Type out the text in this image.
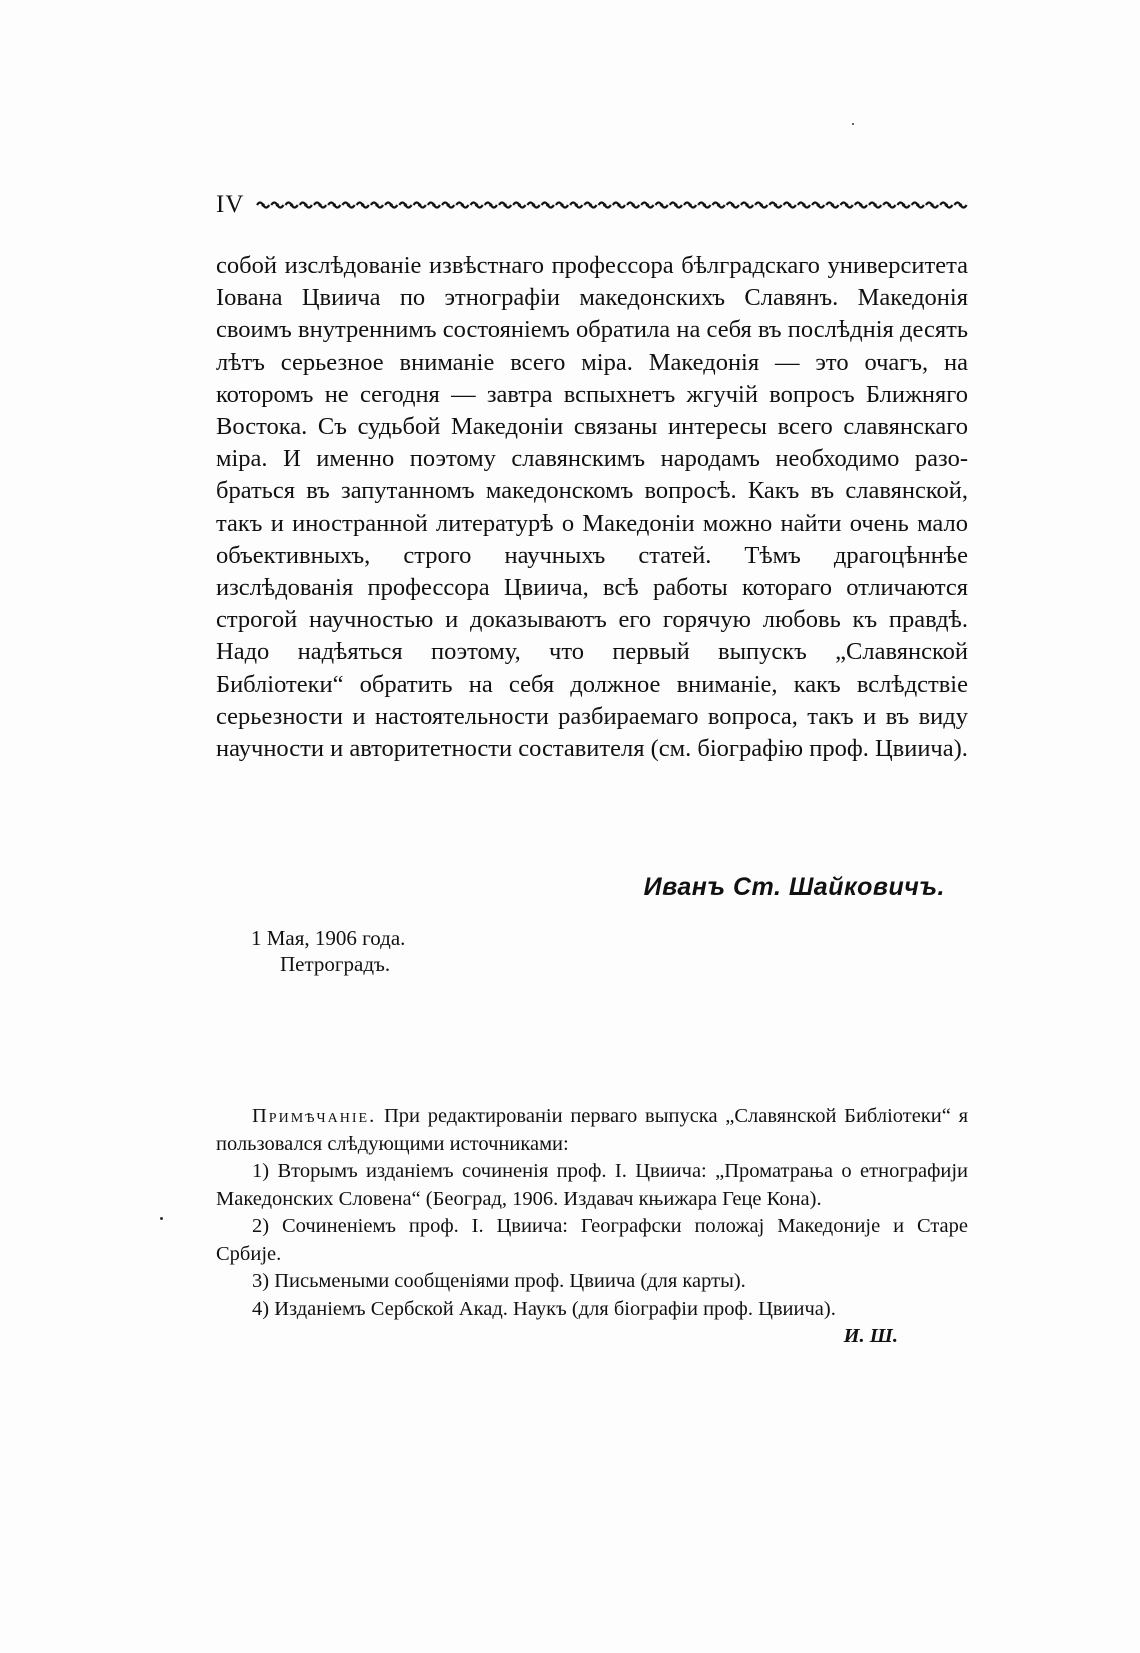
IV

собой изслѣдованіе извѣстнаго профессора бѣлградскаго университета Іована Цвиича по этнографіи македонскихъ Славянъ. Македонія своимъ внутреннимъ состояніемъ обратила на себя въ послѣднія десять лѣтъ серьезное вниманіе всего міра. Македонія — это очагъ, на которомъ не сегодня — завтра вспыхнетъ жгучій вопросъ Ближняго Востока. Съ судьбой Македоніи связаны интересы всего славянскаго міра. И именно поэтому славянскимъ народамъ необходимо разобраться въ запутанномъ македонскомъ вопросѣ. Какъ въ славянской, такъ и иностранной литературѣ о Македоніи можно найти очень мало объективныхъ, строго научныхъ статей. Тѣмъ драгоцѣннѣе изслѣдованія профессора Цвиича, всѣ работы котораго отличаются строгой научностью и доказываютъ его горячую любовь къ правдѣ. Надо надѣяться поэтому, что первый выпускъ „Славянской Библіотеки“ обратить на себя должное вниманіе, какъ вслѣдствіе серьезности и настоятельности разбираемаго вопроса, такъ и въ виду научности и авторитетности составителя (см. біографію проф. Цвиича).

Иванъ Ст. Шайковичъ.
1 Мая, 1906 года.
Петроградъ.

Примѣчаніе. При редактированіи перваго выпуска „Славянской Библіотеки“ я пользовался слѣдующими источниками:

1) Вторымъ изданіемъ сочиненія проф. І. Цвиича: „Проматрања о етнографији Македонских Словена“ (Београд, 1906. Издавач књижара Геце Кона).

2) Сочиненіемъ проф. І. Цвиича: Географски положај Македоније и Старе Србије.

3) Письмеными сообщеніями проф. Цвиича (для карты).

4) Изданіемъ Сербской Акад. Наукъ (для біографіи проф. Цвиича).

И. Ш.
